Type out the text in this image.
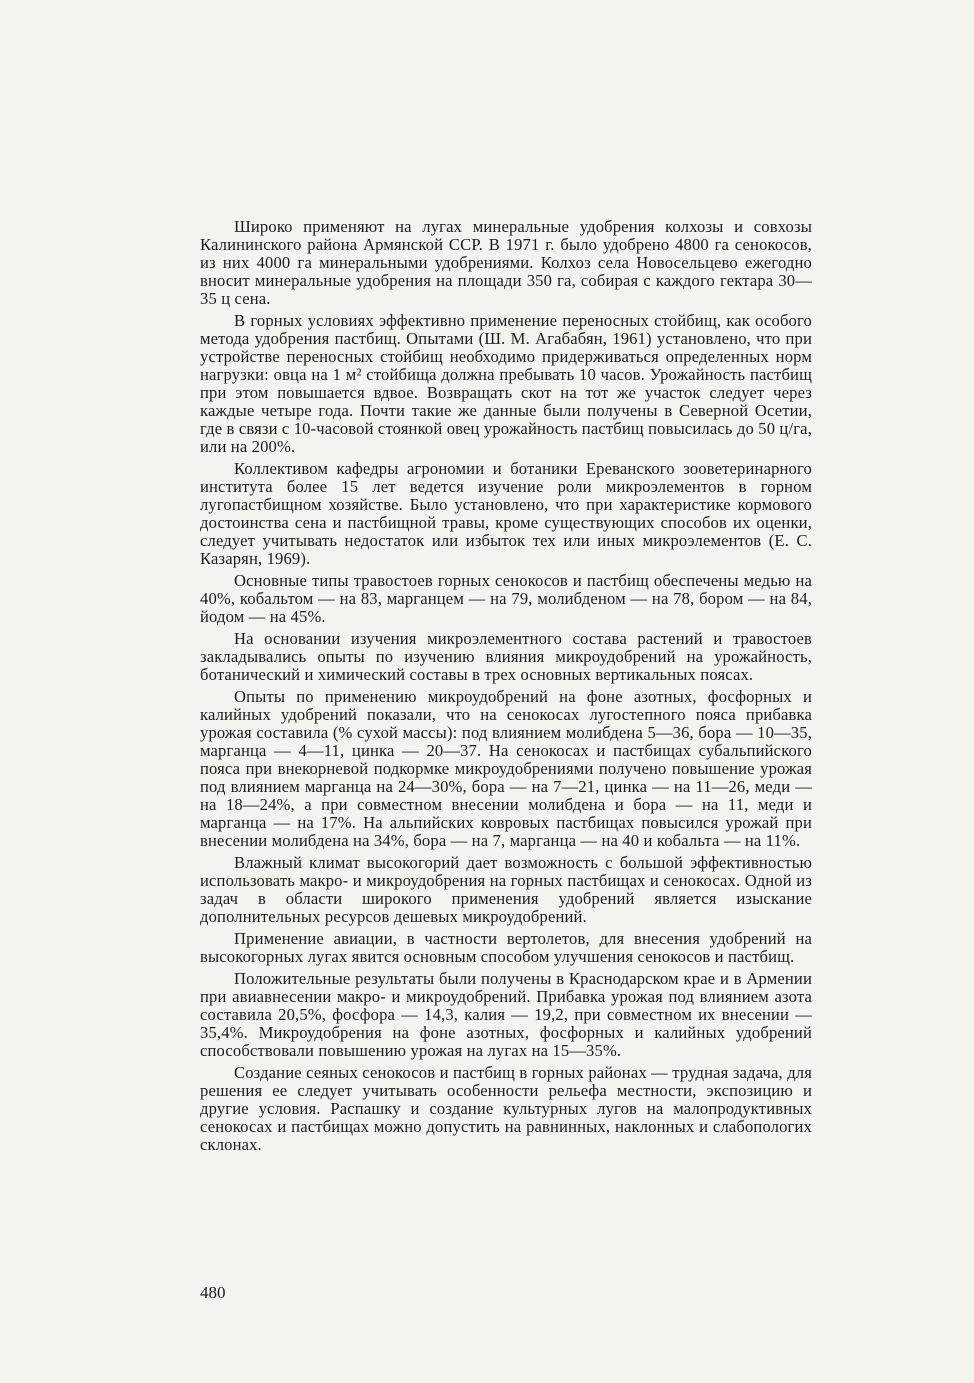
Широко применяют на лугах минеральные удобрения колхозы и совхозы Калининского района Армянской ССР. В 1971 г. было удобрено 4800 га сенокосов, из них 4000 га минеральными удобрениями. Колхоз села Новосельцево ежегодно вносит минеральные удобрения на площади 350 га, собирая с каждого гектара 30—35 ц сена.

В горных условиях эффективно применение переносных стойбищ, как особого метода удобрения пастбищ. Опытами (Ш. М. Агабабян, 1961) установлено, что при устройстве переносных стойбищ необходимо придерживаться определенных норм нагрузки: овца на 1 м² стойбища должна пребывать 10 часов. Урожайность пастбищ при этом повышается вдвое. Возвращать скот на тот же участок следует через каждые четыре года. Почти такие же данные были получены в Северной Осетии, где в связи с 10-часовой стоянкой овец урожайность пастбищ повысилась до 50 ц/га, или на 200%.

Коллективом кафедры агрономии и ботаники Ереванского зооветеринарного института более 15 лет ведется изучение роли микроэлементов в горном лугопастбищном хозяйстве. Было установлено, что при характеристике кормового достоинства сена и пастбищной травы, кроме существующих способов их оценки, следует учитывать недостаток или избыток тех или иных микроэлементов (Е. С. Казарян, 1969).

Основные типы травостоев горных сенокосов и пастбищ обеспечены медью на 40%, кобальтом — на 83, марганцем — на 79, молибденом — на 78, бором — на 84, йодом — на 45%.

На основании изучения микроэлементного состава растений и травостоев закладывались опыты по изучению влияния микроудобрений на урожайность, ботанический и химический составы в трех основных вертикальных поясах.

Опыты по применению микроудобрений на фоне азотных, фосфорных и калийных удобрений показали, что на сенокосах лугостепного пояса прибавка урожая составила (% сухой массы): под влиянием молибдена 5—36, бора — 10—35, марганца — 4—11, цинка — 20—37. На сенокосах и пастбищах субальпийского пояса при внекорневой подкормке микроудобрениями получено повышение урожая под влиянием марганца на 24—30%, бора — на 7—21, цинка — на 11—26, меди — на 18—24%, а при совместном внесении молибдена и бора — на 11, меди и марганца — на 17%. На альпийских ковровых пастбищах повысился урожай при внесении молибдена на 34%, бора — на 7, марганца — на 40 и кобальта — на 11%.

Влажный климат высокогорий дает возможность с большой эффективностью использовать макро- и микроудобрения на горных пастбищах и сенокосах. Одной из задач в области широкого применения удобрений является изыскание дополнительных ресурсов дешевых микроудобрений.

Применение авиации, в частности вертолетов, для внесения удобрений на высокогорных лугах явится основным способом улучшения сенокосов и пастбищ.

Положительные результаты были получены в Краснодарском крае и в Армении при авиавнесении макро- и микроудобрений. Прибавка урожая под влиянием азота составила 20,5%, фосфора — 14,3, калия — 19,2, при совместном их внесении — 35,4%. Микроудобрения на фоне азотных, фосфорных и калийных удобрений способствовали повышению урожая на лугах на 15—35%.

Создание сеяных сенокосов и пастбищ в горных районах — трудная задача, для решения ее следует учитывать особенности рельефа местности, экспозицию и другие условия. Распашку и создание культурных лугов на малопродуктивных сенокосах и пастбищах можно допустить на равнинных, наклонных и слабопологих склонах.

480
